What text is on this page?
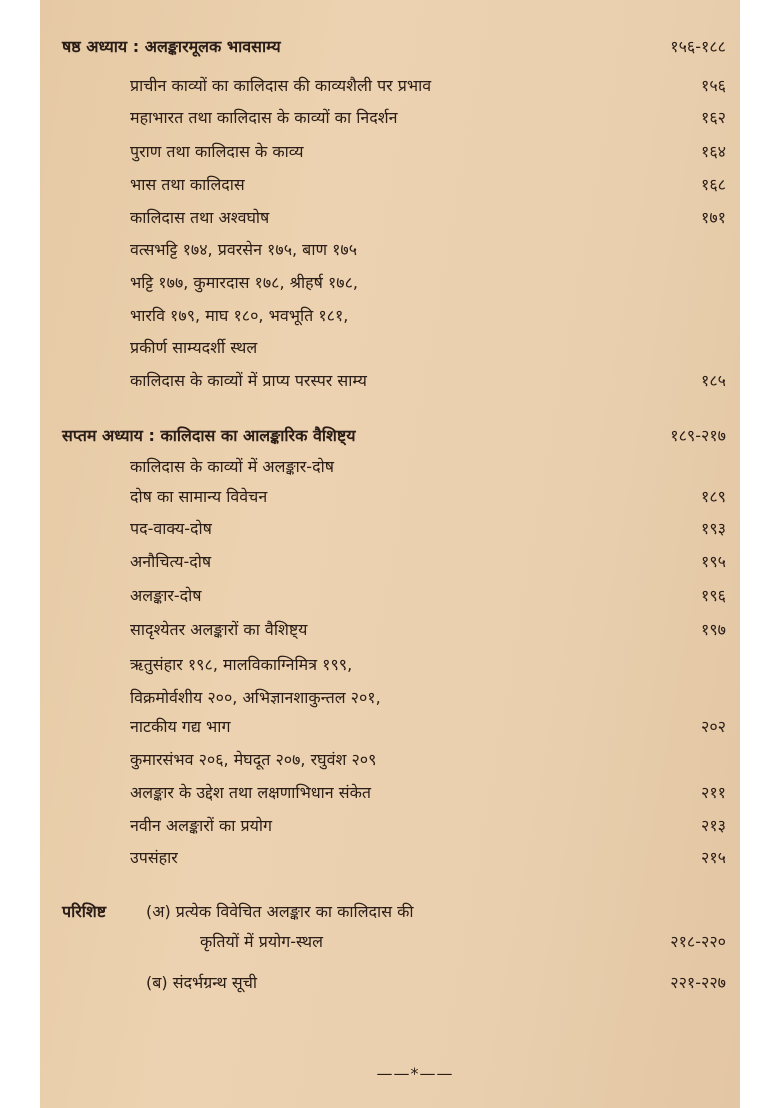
षष्ठ अध्याय : अलङ्कारमूलक भावसाम्य	१५६-१८८
प्राचीन काव्यों का कालिदास की काव्यशैली पर प्रभाव	१५६
महाभारत तथा कालिदास के काव्यों का निदर्शन	१६२
पुराण तथा कालिदास के काव्य	१६४
भास तथा कालिदास	१६८
कालिदास तथा अश्वघोष	१७१
वत्सभट्टि १७४, प्रवरसेन १७५, बाण १७५
भट्टि १७७, कुमारदास १७८, श्रीहर्ष १७८,
भारवि १७९, माघ १८०, भवभूति १८१,
प्रकीर्ण साम्यदर्शी स्थल
कालिदास के काव्यों में प्राप्य परस्पर साम्य	१८५
सप्तम अध्याय : कालिदास का आलङ्कारिक वैशिष्ट्य	१८९-२१७
कालिदास के काव्यों में अलङ्कार-दोष
दोष का सामान्य विवेचन	१८९
पद-वाक्य-दोष	१९३
अनौचित्य-दोष	१९५
अलङ्कार-दोष	१९६
सादृश्येतर अलङ्कारों का वैशिष्ट्य	१९७
ऋतुसंहार १९८, मालविकाग्निमित्र १९९,
विक्रमोर्वशीय २००, अभिज्ञानशाकुन्तल २०१,
नाटकीय गद्य भाग	२०२
कुमारसंभव २०६, मेघदूत २०७, रघुवंश २०९
अलङ्कार के उद्देश तथा लक्षणाभिधान संकेत	२११
नवीन अलङ्कारों का प्रयोग	२१३
उपसंहार	२१५
परिशिष्ट (अ) प्रत्येक विवेचित अलङ्कार का कालिदास की
कृतियों में प्रयोग-स्थल	२१८-२२०
(ब) संदर्भग्रन्थ सूची	२२१-२२७
——*——
